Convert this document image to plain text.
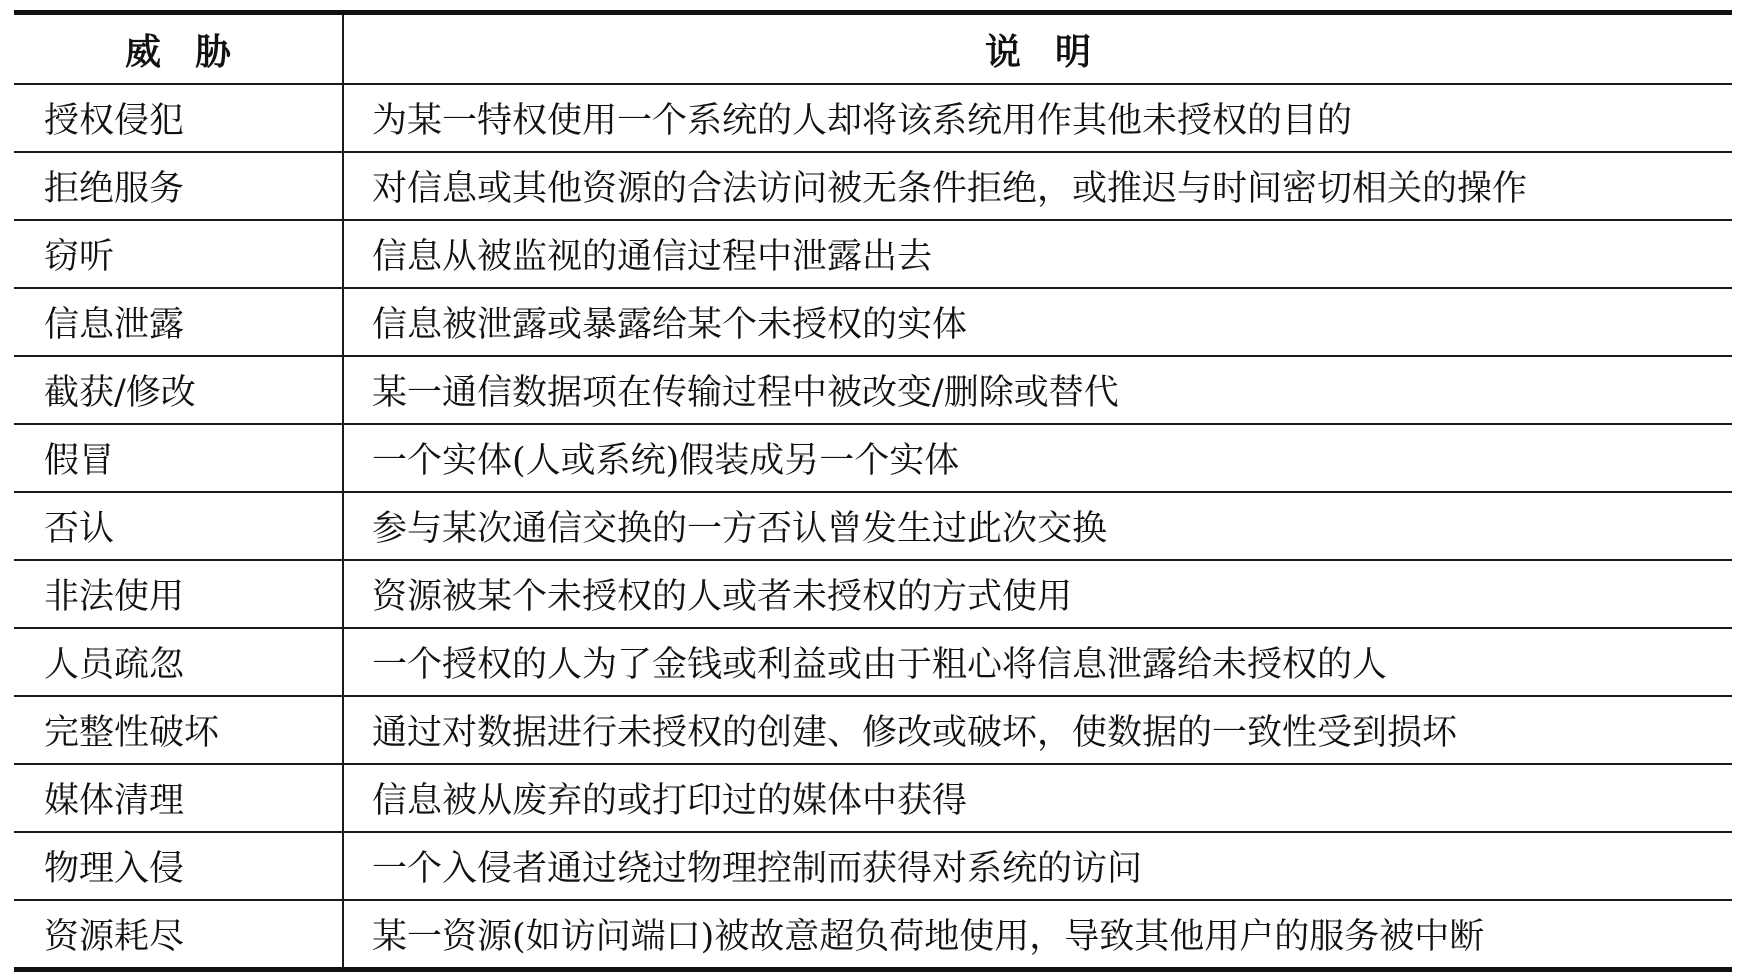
威胁	说明
授权侵犯	为某一特权使用一个系统的人却将该系统用作其他未授权的目的
拒绝服务	对信息或其他资源的合法访问被无条件拒绝，或推迟与时间密切相关的操作
窃听	信息从被监视的通信过程中泄露出去
信息泄露	信息被泄露或暴露给某个未授权的实体
截获/修改	某一通信数据项在传输过程中被改变/删除或替代
假冒	一个实体(人或系统)假装成另一个实体
否认	参与某次通信交换的一方否认曾发生过此次交换
非法使用	资源被某个未授权的人或者未授权的方式使用
人员疏忽	一个授权的人为了金钱或利益或由于粗心将信息泄露给未授权的人
完整性破坏	通过对数据进行未授权的创建、修改或破坏，使数据的一致性受到损坏
媒体清理	信息被从废弃的或打印过的媒体中获得
物理入侵	一个入侵者通过绕过物理控制而获得对系统的访问
资源耗尽	某一资源(如访问端口)被故意超负荷地使用，导致其他用户的服务被中断
